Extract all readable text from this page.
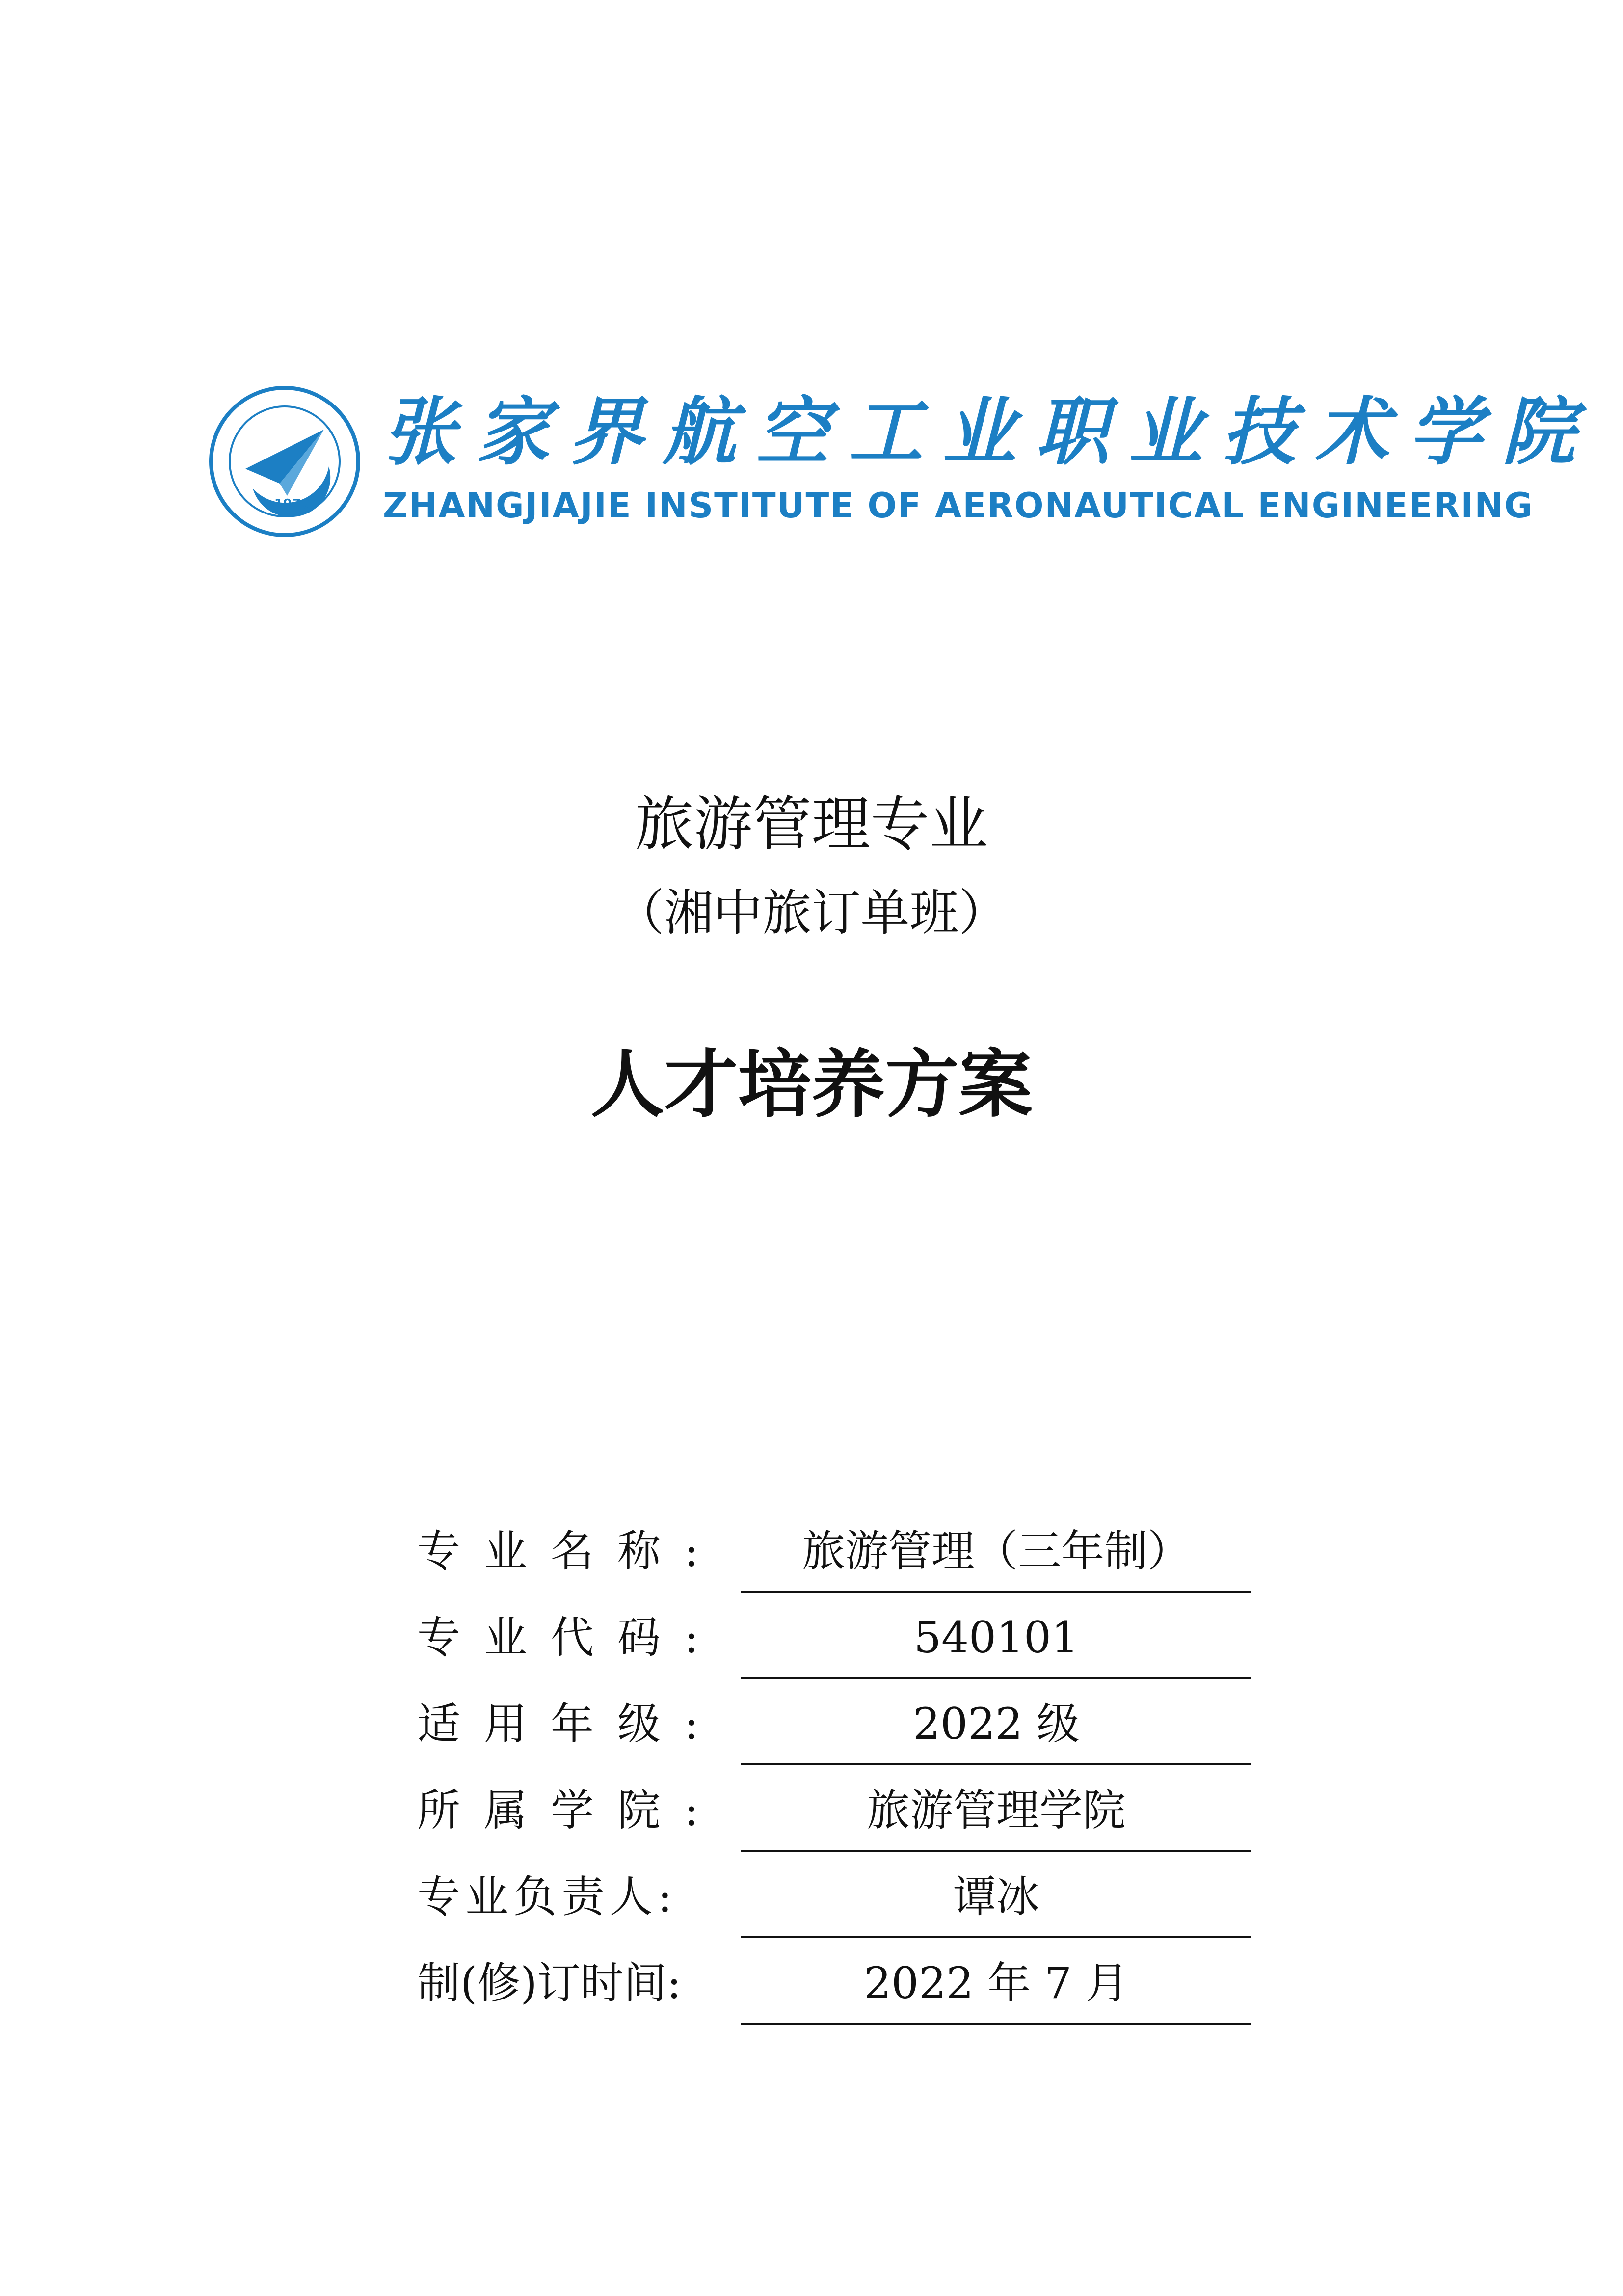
1979
张家界航空工业职业技术学院
ZHANGJIAJIE INSTITUTE OF AERONAUTICAL ENGINEERING
旅游管理专业
（湘中旅订单班）
人才培养方案
专业名称:	旅游管理（三年制）
专业代码:	540101
适用年级:	2022 级
所属学院:	旅游管理学院
专业负责人:	谭冰
制(修)订时间:	2022 年 7 月
